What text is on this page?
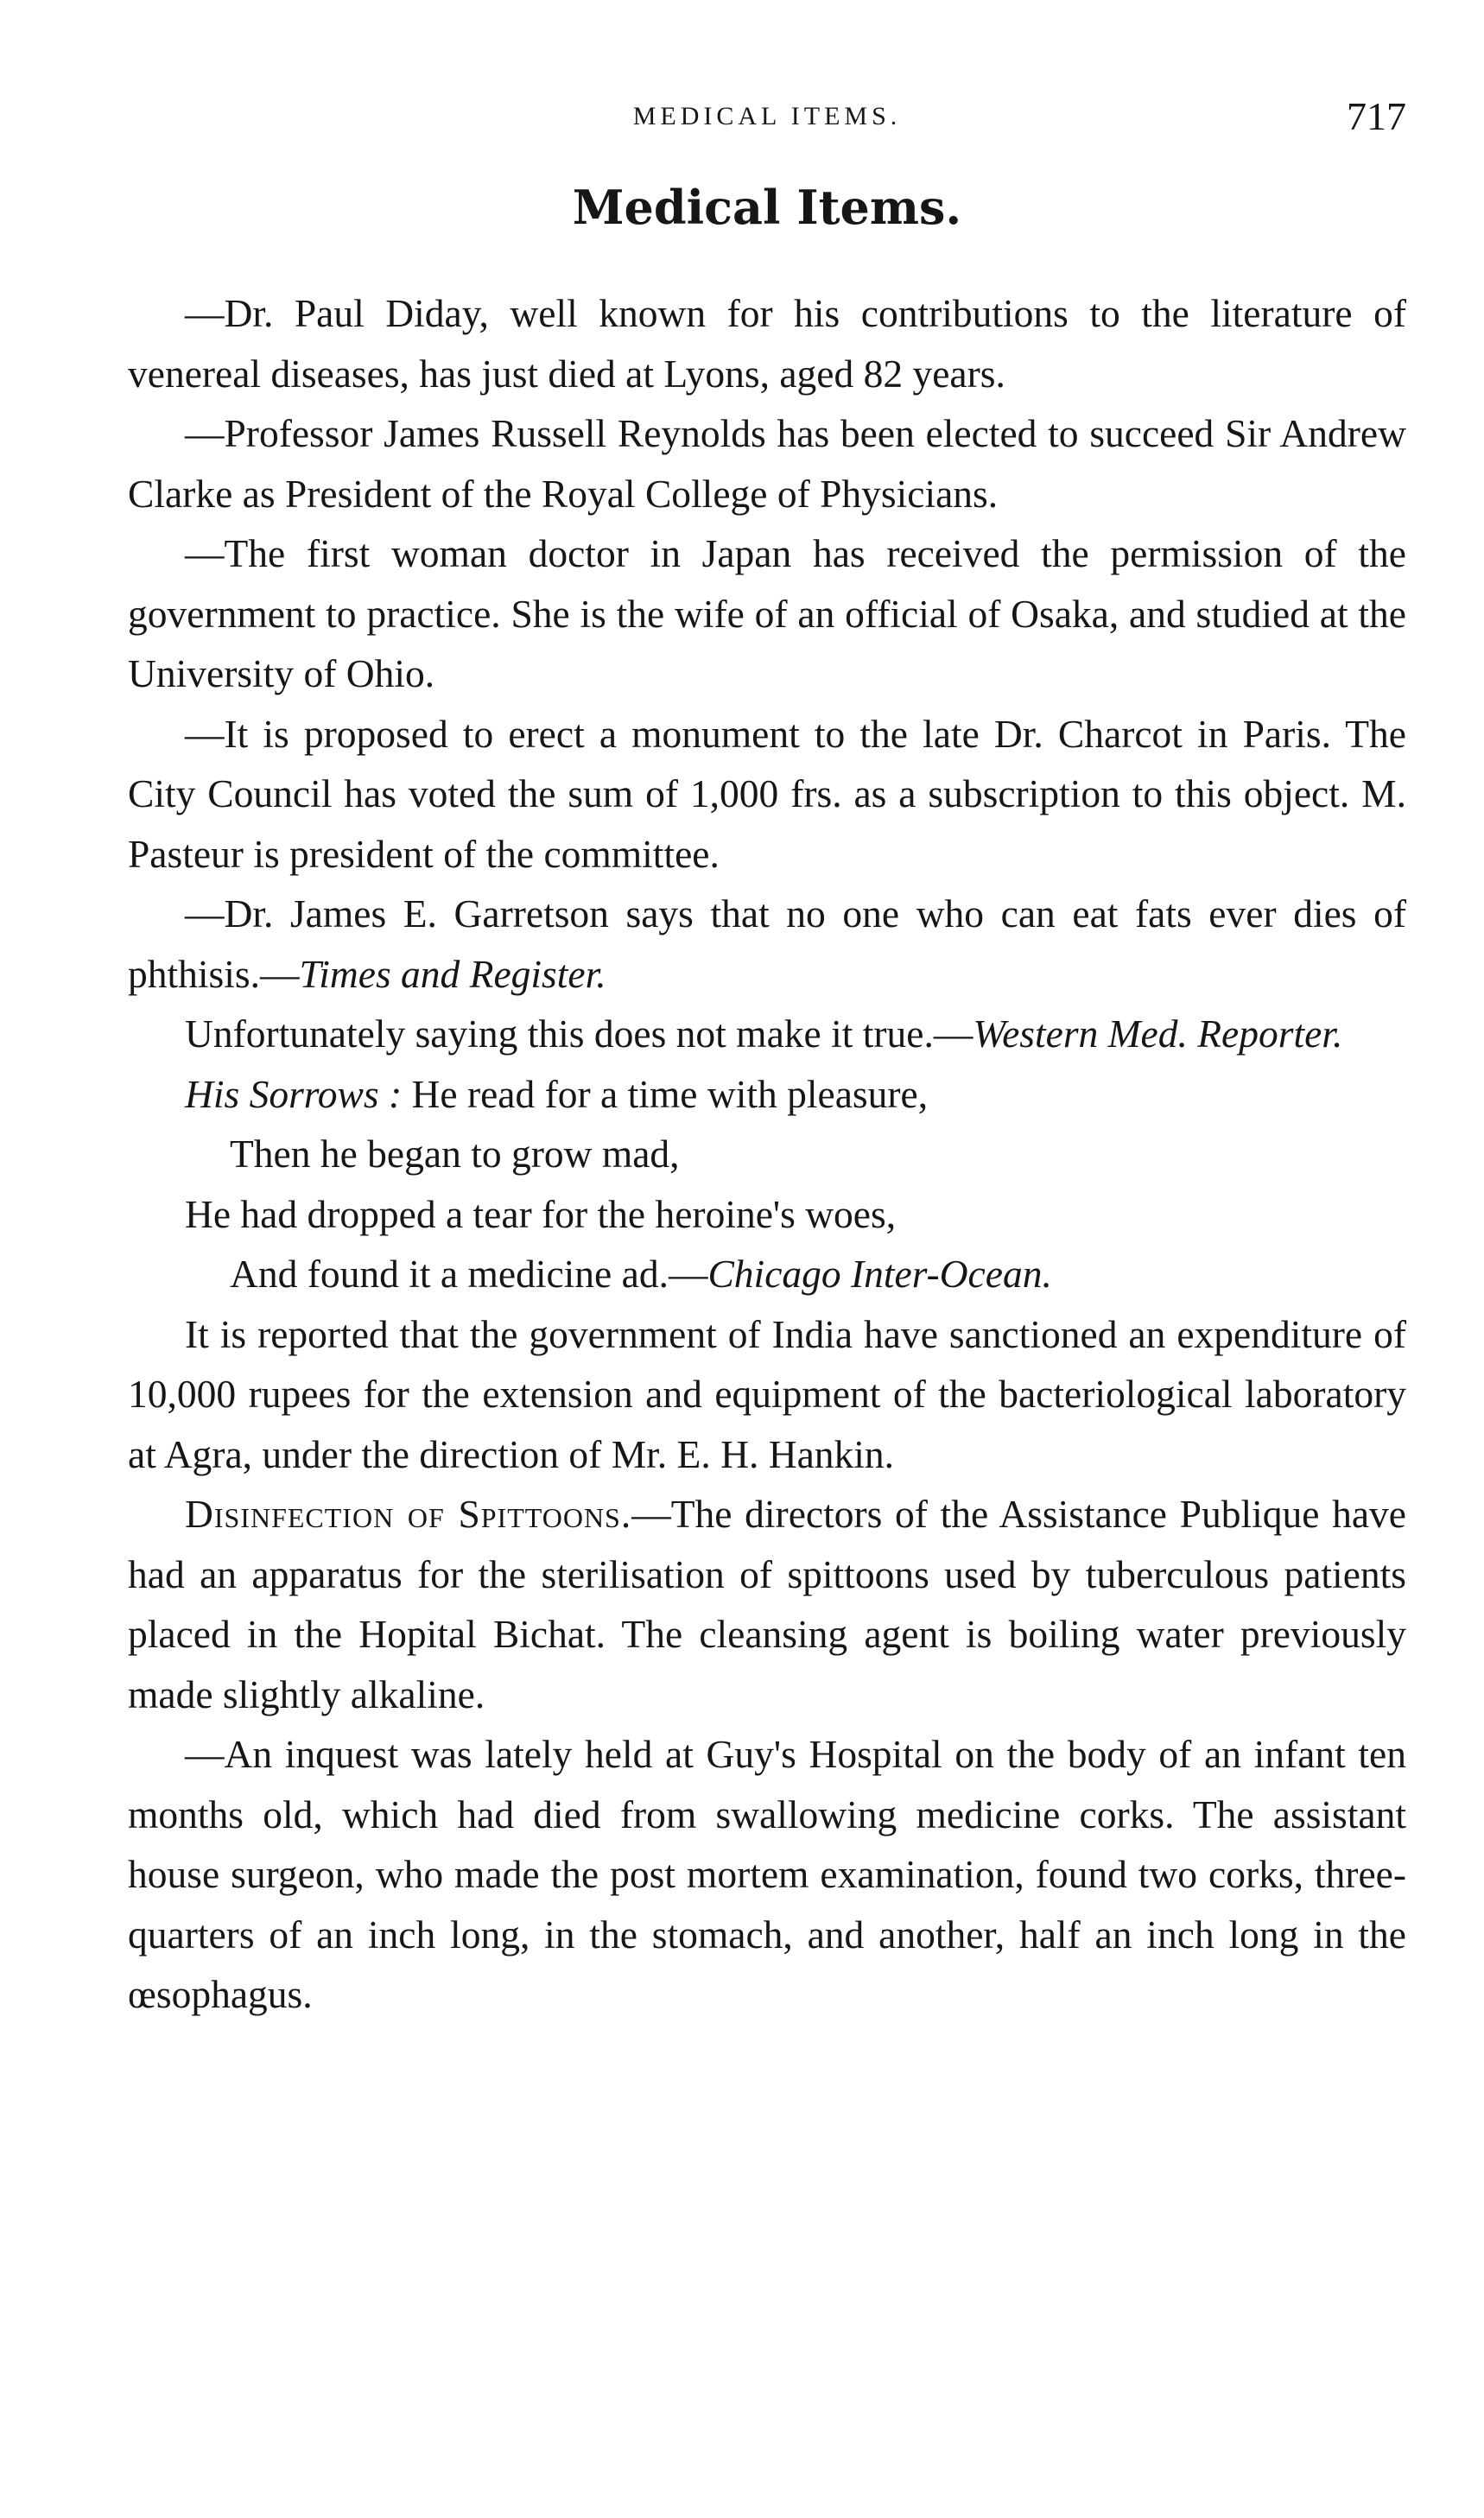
MEDICAL ITEMS.	717
Medical Items.

—Dr. Paul Diday, well known for his contributions to the literature of venereal diseases, has just died at Lyons, aged 82 years.

—Professor James Russell Reynolds has been elected to succeed Sir Andrew Clarke as President of the Royal College of Physicians.

—The first woman doctor in Japan has received the permission of the government to practice. She is the wife of an official of Osaka, and studied at the University of Ohio.

—It is proposed to erect a monument to the late Dr. Charcot in Paris. The City Council has voted the sum of 1,000 frs. as a subscription to this object. M. Pasteur is president of the committee.

—Dr. James E. Garretson says that no one who can eat fats ever dies of phthisis.—Times and Register.

Unfortunately saying this does not make it true.—Western Med. Reporter.

His Sorrows : He read for a time with pleasure,
Then he began to grow mad,
He had dropped a tear for the heroine's woes,
And found it a medicine ad.—Chicago Inter-Ocean.

It is reported that the government of India have sanctioned an expenditure of 10,000 rupees for the extension and equipment of the bacteriological laboratory at Agra, under the direction of Mr. E. H. Hankin.

Disinfection of Spittoons.—The directors of the Assistance Publique have had an apparatus for the sterilisation of spittoons used by tuberculous patients placed in the Hopital Bichat. The cleansing agent is boiling water previously made slightly alkaline.

—An inquest was lately held at Guy's Hospital on the body of an infant ten months old, which had died from swallowing medicine corks. The assistant house surgeon, who made the post mortem examination, found two corks, three-quarters of an inch long, in the stomach, and another, half an inch long in the œsophagus.
